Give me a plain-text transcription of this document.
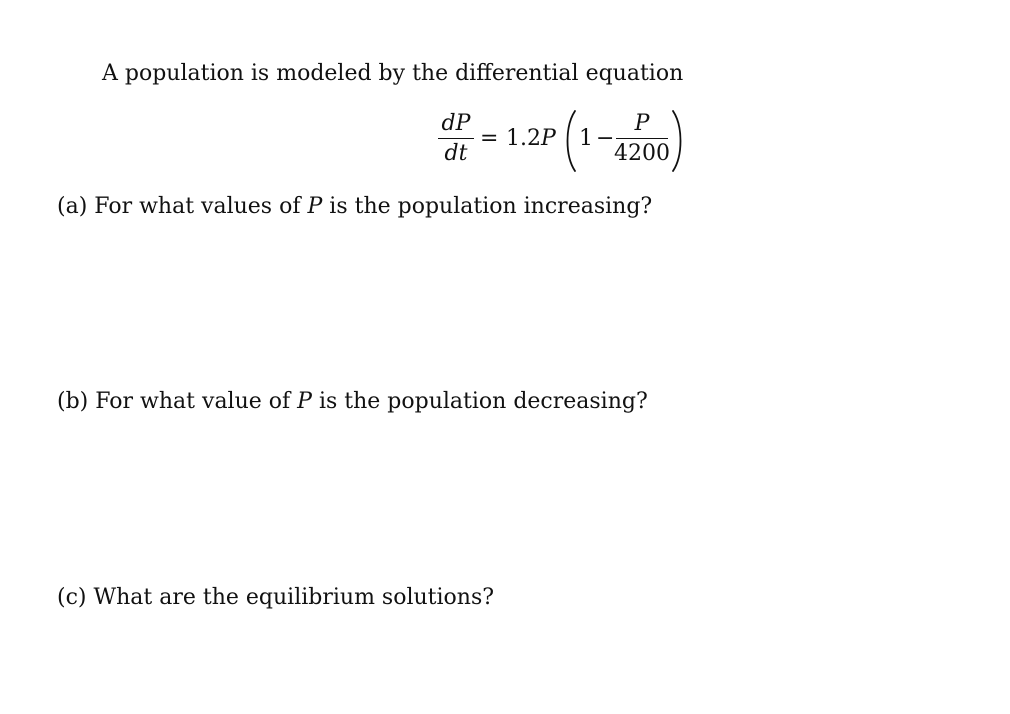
A population is modeled by the differential equation

dP
dt
= 1.2P 1 −
P
4200

(a) For what values of P is the population increasing?

(b) For what value of P is the population decreasing?

(c) What are the equilibrium solutions?
